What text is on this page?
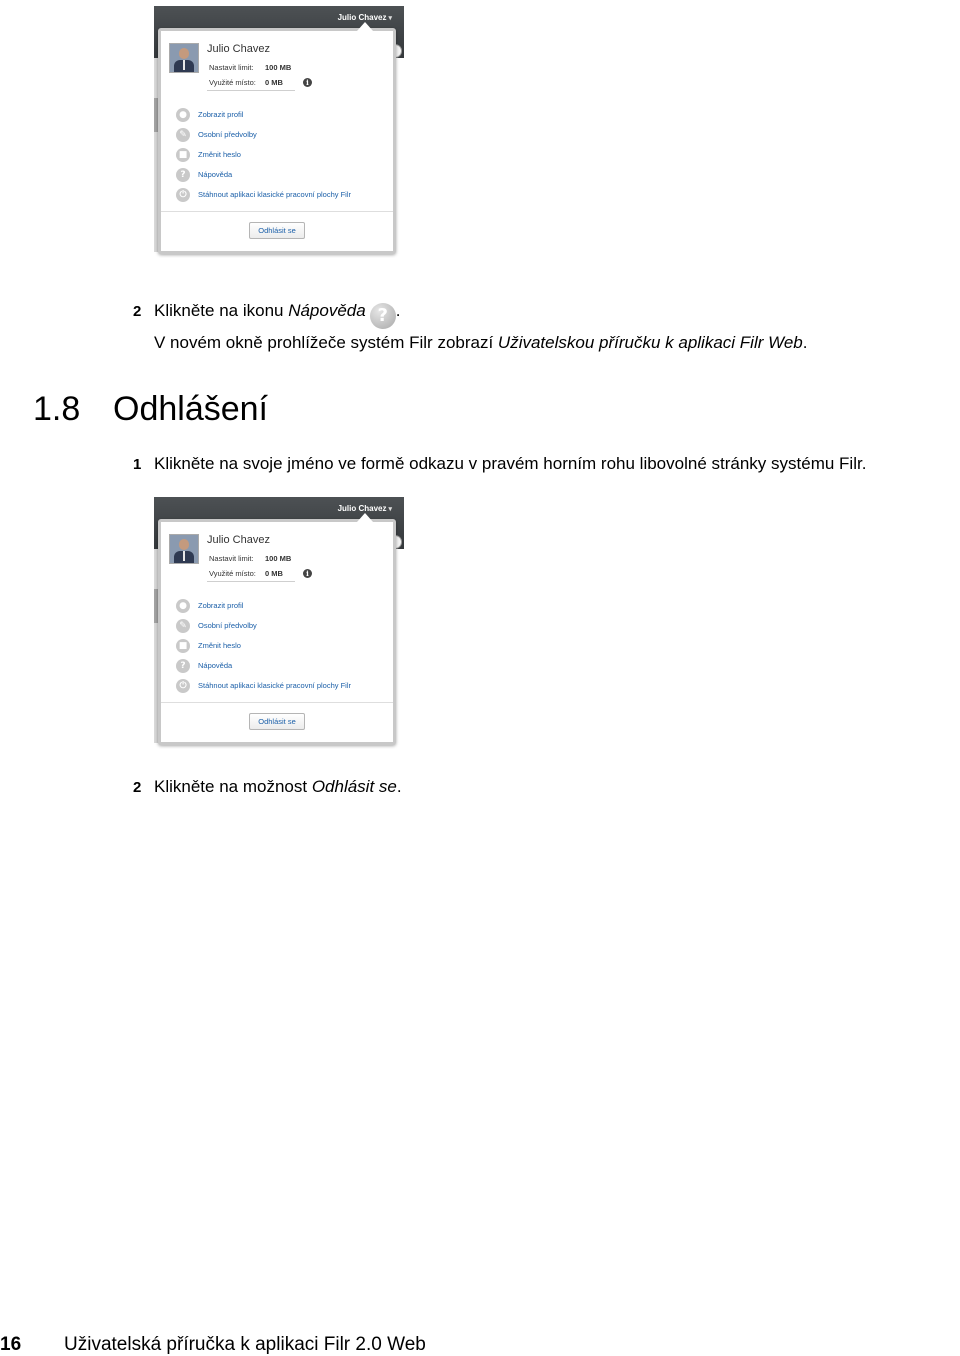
Julio Chavez ▾
Julio Chavez
Nastavit limit: 100 MB
Využité místo: 0 MB	i
●	Zobrazit profil
✎	Osobní předvolby
■	Změnit heslo
?	Nápověda
⏻	Stáhnout aplikaci klasické pracovní plochy Filr
Odhlásit se
2 Klikněte na ikonu Nápověda ? .
V novém okně prohlížeče systém Filr zobrazí Uživatelskou příručku k aplikaci Filr Web.
1.8 Odhlášení
1 Klikněte na svoje jméno ve formě odkazu v pravém horním rohu libovolné stránky systému Filr.
Julio Chavez ▾
Julio Chavez
Nastavit limit: 100 MB
Využité místo: 0 MB	i
●	Zobrazit profil
✎	Osobní předvolby
■	Změnit heslo
?	Nápověda
⏻	Stáhnout aplikaci klasické pracovní plochy Filr
Odhlásit se
2 Klikněte na možnost Odhlásit se.
16 Uživatelská příručka k aplikaci Filr 2.0 Web
